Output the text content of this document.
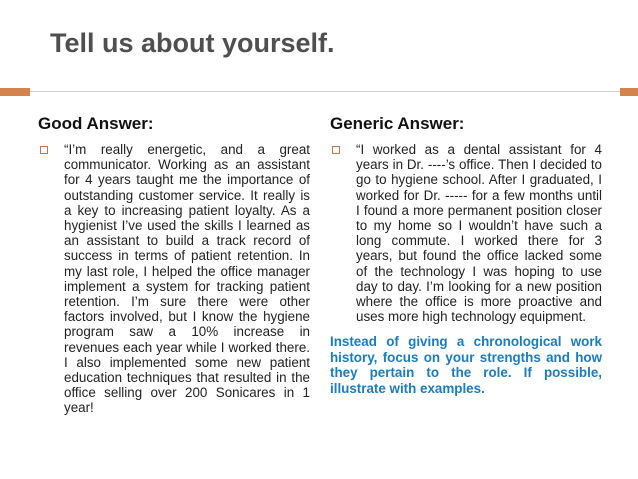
Tell us about yourself.
Good Answer:

“I’m really energetic, and a great communicator. Working as an assistant for 4 years taught me the importance of outstanding customer service. It really is a key to increasing patient loyalty. As a hygienist I’ve used the skills I learned as an assistant to build a track record of success in terms of patient retention. In my last role, I helped the office manager implement a system for tracking patient retention. I’m sure there were other factors involved, but I know the hygiene program saw a 10% increase in revenues each year while I worked there. I also implemented some new patient education techniques that resulted in the office selling over 200 Sonicares in 1 year!

Generic Answer:

“I worked as a dental assistant for 4 years in Dr. ----’s office. Then I decided to go to hygiene school. After I graduated, I worked for Dr. ----- for a few months until I found a more permanent position closer to my home so I wouldn’t have such a long commute. I worked there for 3 years, but found the office lacked some of the technology I was hoping to use day to day. I’m looking for a new position where the office is more proactive and uses more high technology equipment.

Instead of giving a chronological work history, focus on your strengths and how they pertain to the role. If possible, illustrate with examples.
